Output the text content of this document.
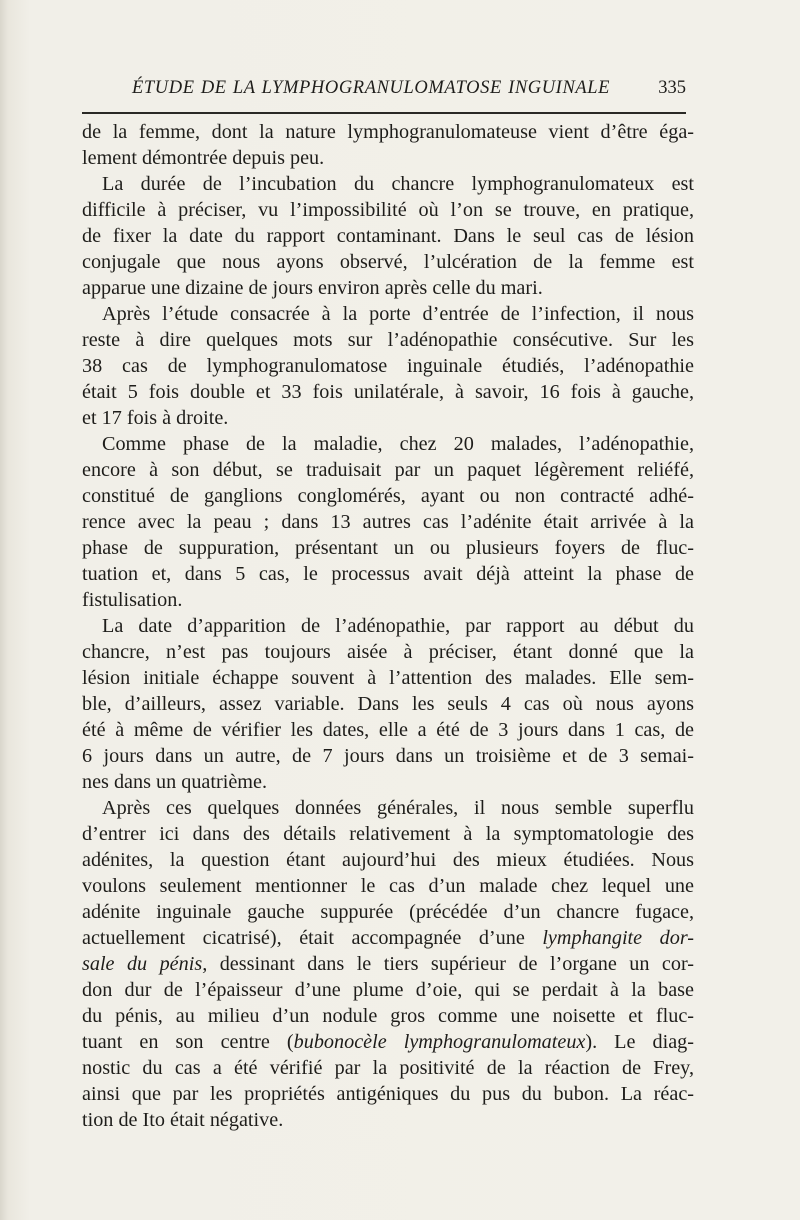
ÉTUDE DE LA LYMPHOGRANULOMATOSE INGUINALE	335
de la femme, dont la nature lymphogranulomateuse vient d’être éga-
lement démontrée depuis peu.
La durée de l’incubation du chancre lymphogranulomateux est
difficile à préciser, vu l’impossibilité où l’on se trouve, en pratique,
de fixer la date du rapport contaminant. Dans le seul cas de lésion
conjugale que nous ayons observé, l’ulcération de la femme est
apparue une dizaine de jours environ après celle du mari.
Après l’étude consacrée à la porte d’entrée de l’infection, il nous
reste à dire quelques mots sur l’adénopathie consécutive. Sur les
38 cas de lymphogranulomatose inguinale étudiés, l’adénopathie
était 5 fois double et 33 fois unilatérale, à savoir, 16 fois à gauche,
et 17 fois à droite.
Comme phase de la maladie, chez 20 malades, l’adénopathie,
encore à son début, se traduisait par un paquet légèrement reliéfé,
constitué de ganglions conglomérés, ayant ou non contracté adhé-
rence avec la peau ; dans 13 autres cas l’adénite était arrivée à la
phase de suppuration, présentant un ou plusieurs foyers de fluc-
tuation et, dans 5 cas, le processus avait déjà atteint la phase de
fistulisation.
La date d’apparition de l’adénopathie, par rapport au début du
chancre, n’est pas toujours aisée à préciser, étant donné que la
lésion initiale échappe souvent à l’attention des malades. Elle sem-
ble, d’ailleurs, assez variable. Dans les seuls 4 cas où nous ayons
été à même de vérifier les dates, elle a été de 3 jours dans 1 cas, de
6 jours dans un autre, de 7 jours dans un troisième et de 3 semai-
nes dans un quatrième.
Après ces quelques données générales, il nous semble superflu
d’entrer ici dans des détails relativement à la symptomatologie des
adénites, la question étant aujourd’hui des mieux étudiées. Nous
voulons seulement mentionner le cas d’un malade chez lequel une
adénite inguinale gauche suppurée (précédée d’un chancre fugace,
actuellement cicatrisé), était accompagnée d’une lymphangite dor-
sale du pénis, dessinant dans le tiers supérieur de l’organe un cor-
don dur de l’épaisseur d’une plume d’oie, qui se perdait à la base
du pénis, au milieu d’un nodule gros comme une noisette et fluc-
tuant en son centre (bubonocèle lymphogranulomateux). Le diag-
nostic du cas a été vérifié par la positivité de la réaction de Frey,
ainsi que par les propriétés antigéniques du pus du bubon. La réac-
tion de Ito était négative.
